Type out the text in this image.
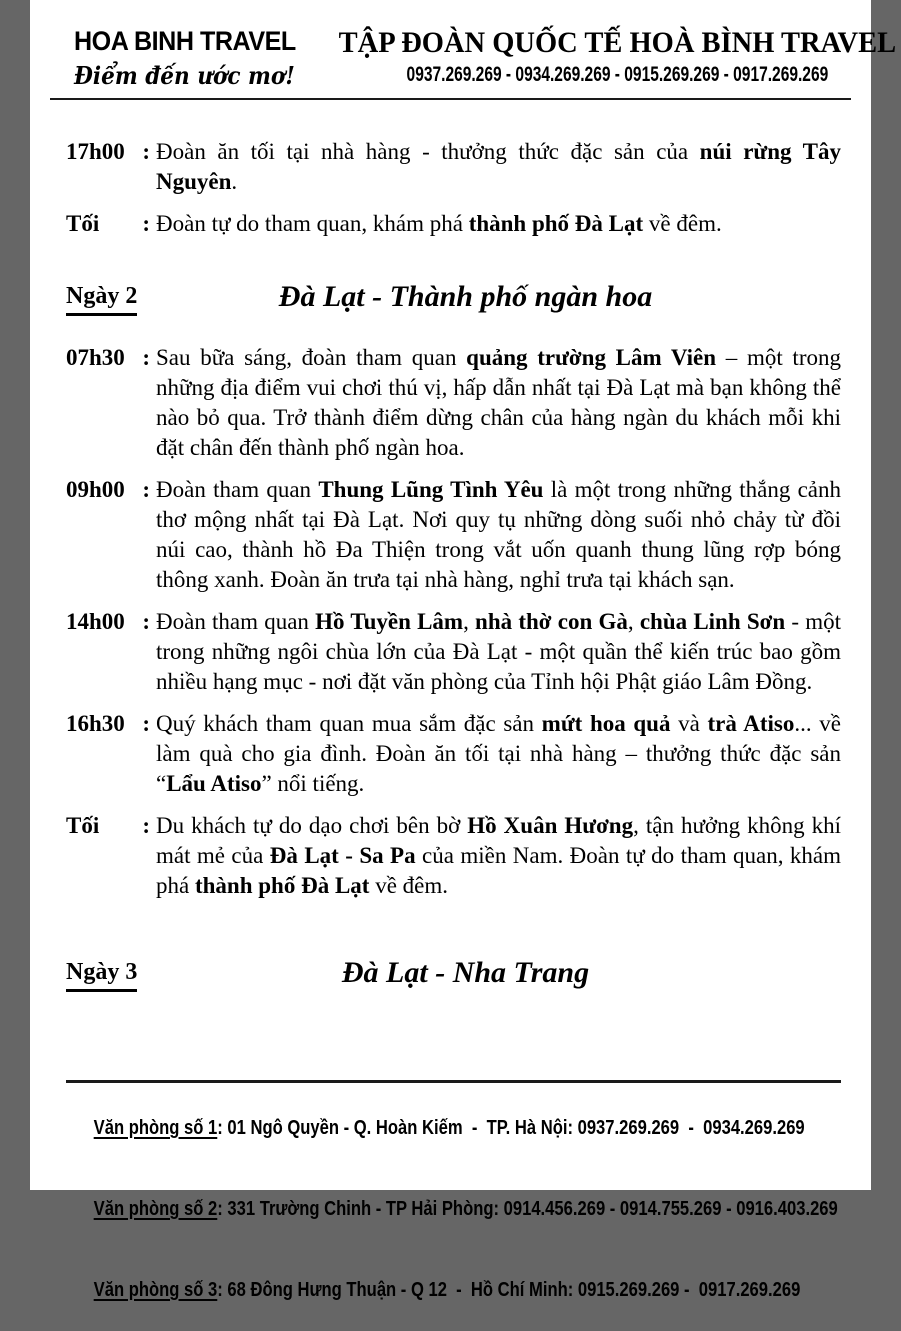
HOA BINH TRAVEL
Điểm đến ước mơ!
TẬP ĐOÀN QUỐC TẾ HOÀ BÌNH TRAVEL
0937.269.269 - 0934.269.269 - 0915.269.269 - 0917.269.269
17h00 : Đoàn ăn tối tại nhà hàng - thưởng thức đặc sản của núi rừng Tây Nguyên.
Tối : Đoàn tự do tham quan, khám phá thành phố Đà Lạt về đêm.
Ngày 2	Đà Lạt - Thành phố ngàn hoa
07h30 : Sau bữa sáng, đoàn tham quan quảng trường Lâm Viên – một trong những địa điểm vui chơi thú vị, hấp dẫn nhất tại Đà Lạt mà bạn không thể nào bỏ qua. Trở thành điểm dừng chân của hàng ngàn du khách mỗi khi đặt chân đến thành phố ngàn hoa.
09h00 : Đoàn tham quan Thung Lũng Tình Yêu là một trong những thắng cảnh thơ mộng nhất tại Đà Lạt. Nơi quy tụ những dòng suối nhỏ chảy từ đồi núi cao, thành hồ Đa Thiện trong vắt uốn quanh thung lũng rợp bóng thông xanh. Đoàn ăn trưa tại nhà hàng, nghỉ trưa tại khách sạn.
14h00 : Đoàn tham quan Hồ Tuyền Lâm, nhà thờ con Gà, chùa Linh Sơn - một trong những ngôi chùa lớn của Đà Lạt - một quần thể kiến trúc bao gồm nhiều hạng mục - nơi đặt văn phòng của Tỉnh hội Phật giáo Lâm Đồng.
16h30 : Quý khách tham quan mua sắm đặc sản mứt hoa quả và trà Atiso... về làm quà cho gia đình. Đoàn ăn tối tại nhà hàng – thưởng thức đặc sản “Lẩu Atiso” nổi tiếng.
Tối : Du khách tự do dạo chơi bên bờ Hồ Xuân Hương, tận hưởng không khí mát mẻ của Đà Lạt - Sa Pa của miền Nam. Đoàn tự do tham quan, khám phá thành phố Đà Lạt về đêm.
Ngày 3	Đà Lạt - Nha Trang

Văn phòng số 1: 01 Ngô Quyền - Q. Hoàn Kiếm  -  TP. Hà Nội: 0937.269.269  -  0934.269.269

Văn phòng số 2: 331 Trường Chinh - TP Hải Phòng: 0914.456.269 - 0914.755.269 - 0916.403.269

Văn phòng số 3: 68 Đông Hưng Thuận - Q 12  -  Hồ Chí Minh: 0915.269.269 -  0917.269.269
